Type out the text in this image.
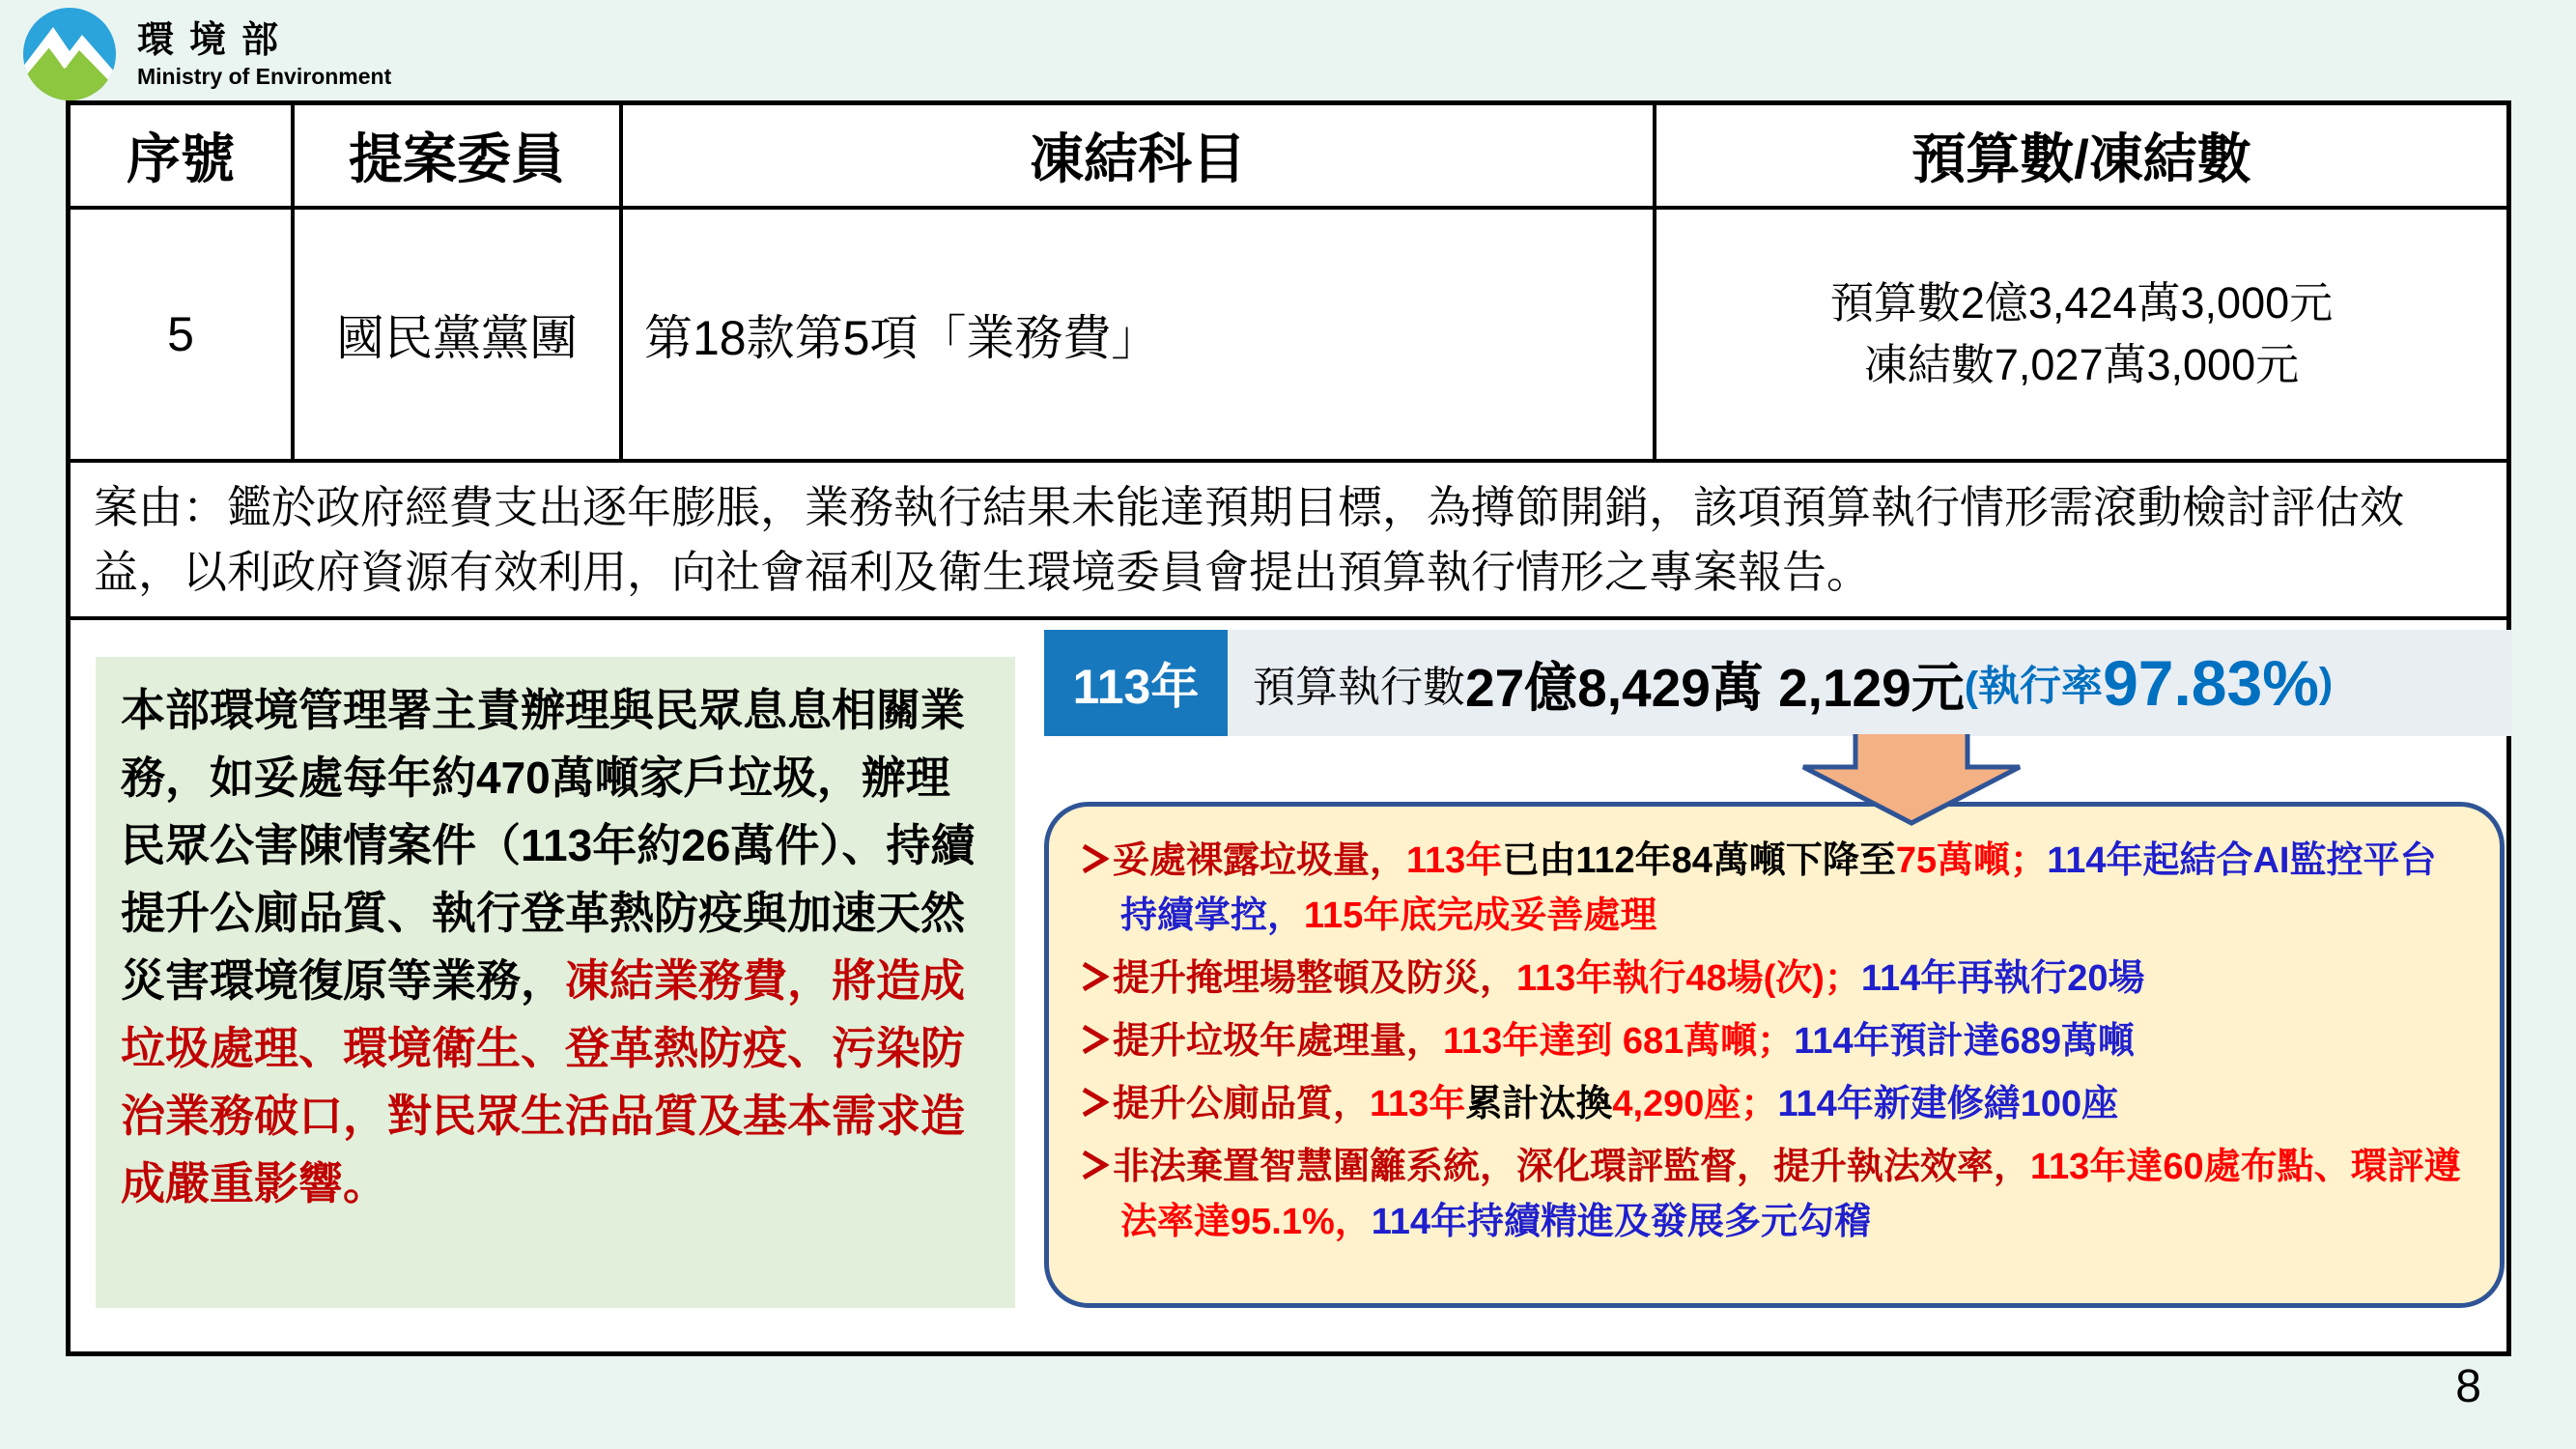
環境部
Ministry of Environment
序號	提案委員	凍結科目	預算數/凍結數
5	國民黨黨團	第18款第5項「業務費」
預算數2億3,424萬3,000元
凍結數7,027萬3,000元
案由：鑑於政府經費支出逐年膨脹，業務執行結果未能達預期目標，為撙節開銷，該項預算執行情形需滾動檢討評估效益，以利政府資源有效利用，向社會福利及衛生環境委員會提出預算執行情形之專案報告。
本部環境管理署主責辦理與民眾息息相關業務，如妥處每年約470萬噸家戶垃圾，辦理民眾公害陳情案件（113年約26萬件）、持續提升公廁品質、執行登革熱防疫與加速天然災害環境復原等業務，凍結業務費，將造成垃圾處理、環境衛生、登革熱防疫、污染防治業務破口，對民眾生活品質及基本需求造成嚴重影響。
113年	預算執行數 27億8,429萬 2,129元 (執行率 97.83% )
妥處裸露垃圾量，113年已由112年84萬噸下降至75萬噸；114年起結合AI監控平台持續掌控，115年底完成妥善處理
提升掩埋場整頓及防災，113年執行48場(次)；114年再執行20場
提升垃圾年處理量，113年達到 681萬噸；114年預計達689萬噸
提升公廁品質，113年累計汰換4,290座；114年新建修繕100座
非法棄置智慧圍籬系統，深化環評監督，提升執法效率，113年達60處布點、環評遵法率達95.1%，114年持續精進及發展多元勾稽
8
